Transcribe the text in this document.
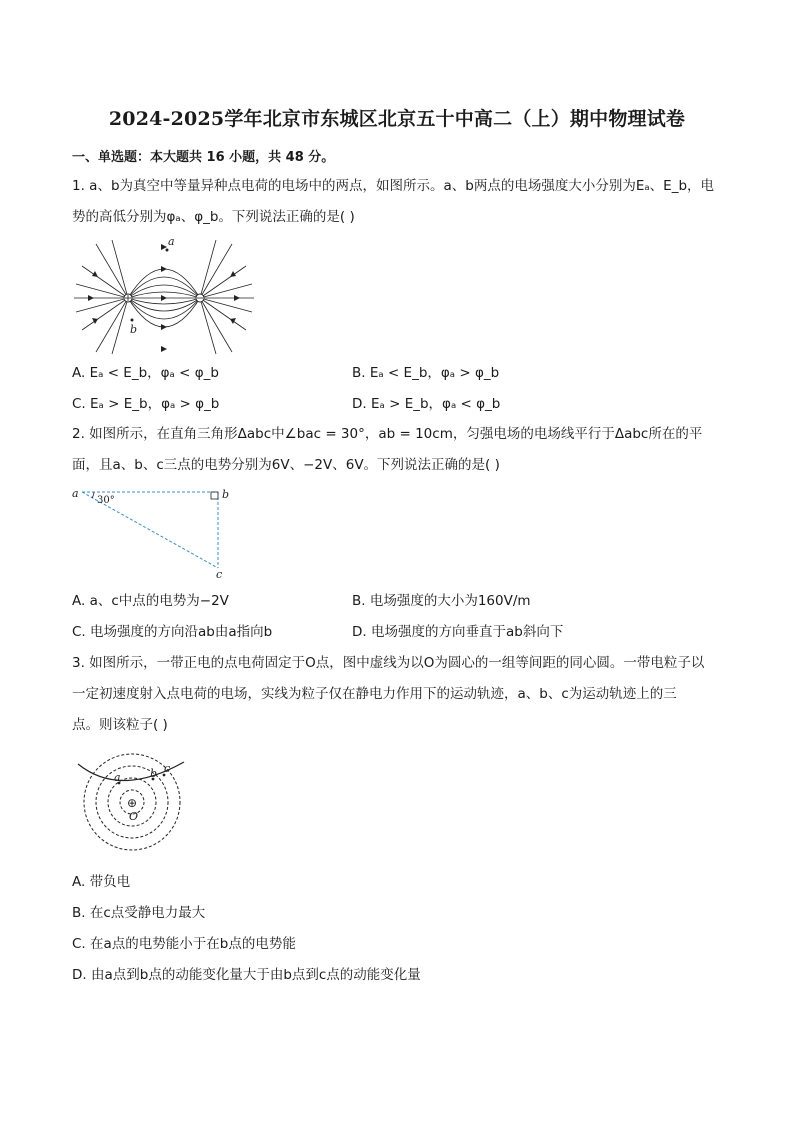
2024-2025学年北京市东城区北京五十中高二（上）期中物理试卷
一、单选题：本大题共 16 小题，共 48 分。
1. a、b为真空中等量异种点电荷的电场中的两点，如图所示。a、b两点的电场强度大小分别为Eₐ、E_b，电
势的高低分别为φₐ、φ_b。下列说法正确的是( )
a
b
A. Eₐ < E_b，φₐ < φ_b	B. Eₐ < E_b，φₐ > φ_b
C. Eₐ > E_b，φₐ > φ_b	D. Eₐ > E_b，φₐ < φ_b
2. 如图所示，在直角三角形Δabc中∠bac = 30°，ab = 10cm，匀强电场的电场线平行于Δabc所在的平
面，且a、b、c三点的电势分别为6V、−2V、6V。下列说法正确的是( )
a	b
c
30°
A. a、c中点的电势为−2V	B. 电场强度的大小为160V/m
C. 电场强度的方向沿ab由a指向b	D. 电场强度的方向垂直于ab斜向下
3. 如图所示，一带正电的点电荷固定于O点，图中虚线为以O为圆心的一组等间距的同心圆。一带电粒子以
一定初速度射入点电荷的电场，实线为粒子仅在静电力作用下的运动轨迹，a、b、c为运动轨迹上的三
点。则该粒子( )
⊕
O
a	b c
A. 带负电
B. 在c点受静电力最大
C. 在a点的电势能小于在b点的电势能
D. 由a点到b点的动能变化量大于由b点到c点的动能变化量
